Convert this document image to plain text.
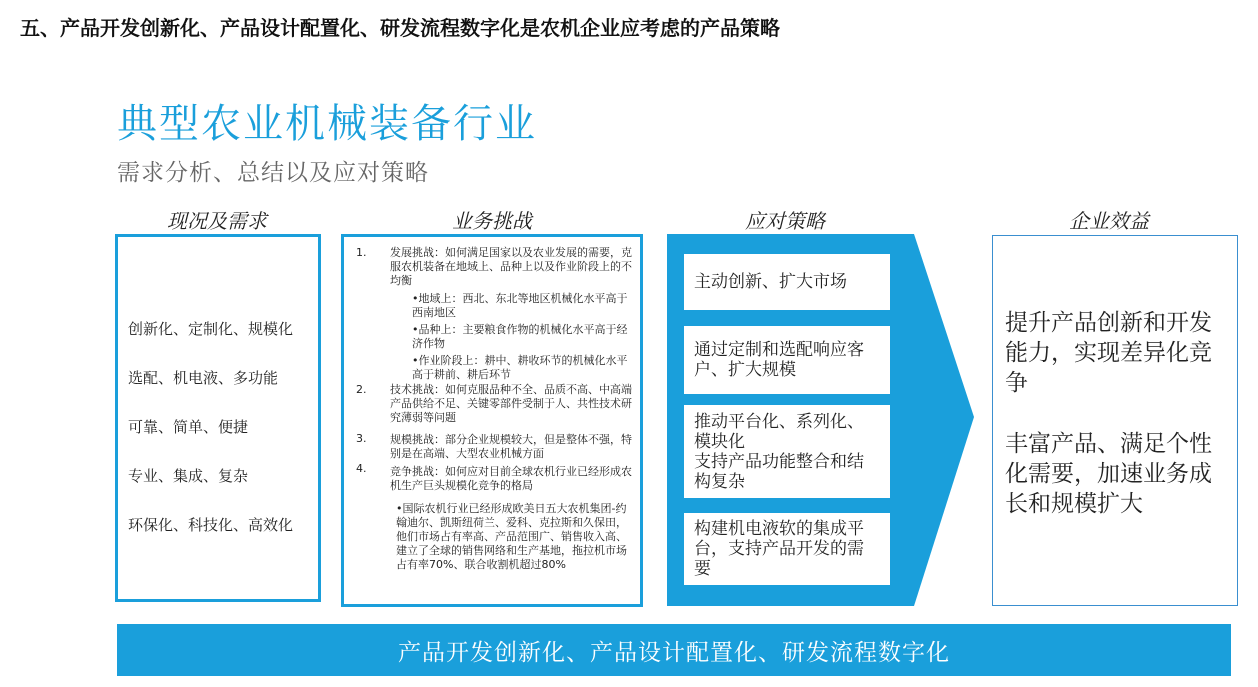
五、产品开发创新化、产品设计配置化、研发流程数字化是农机企业应考虑的产品策略
典型农业机械装备行业
需求分析、总结以及应对策略
现况及需求	业务挑战	应对策略	企业效益
创新化、定制化、规模化
选配、机电液、多功能
可靠、简单、便捷
专业、集成、复杂
环保化、科技化、高效化
1. 发展挑战：如何满足国家以及农业发展的需要，克服农机装备在地域上、品种上以及作业阶段上的不均衡
•地域上：西北、东北等地区机械化水平高于西南地区
•品种上：主要粮食作物的机械化水平高于经济作物
•作业阶段上：耕中、耕收环节的机械化水平高于耕前、耕后环节
2. 技术挑战：如何克服品种不全、品质不高、中高端产品供给不足、关键零部件受制于人、共性技术研究薄弱等问题
3. 规模挑战：部分企业规模较大，但是整体不强，特别是在高端、大型农业机械方面
4. 竞争挑战：如何应对目前全球农机行业已经形成农机生产巨头规模化竞争的格局
•国际农机行业已经形成欧美日五大农机集团-约翰迪尔、凯斯纽荷兰、爱科、克拉斯和久保田，他们市场占有率高、产品范围广、销售收入高、建立了全球的销售网络和生产基地，拖拉机市场占有率70%、联合收割机超过80%
主动创新、扩大市场
通过定制和选配响应客户、扩大规模
推动平台化、系列化、模块化
支持产品功能整合和结构复杂
构建机电液软的集成平台，支持产品开发的需要
提升产品创新和开发能力，实现差异化竞争
丰富产品、满足个性化需要，加速业务成长和规模扩大
产品开发创新化、产品设计配置化、研发流程数字化
